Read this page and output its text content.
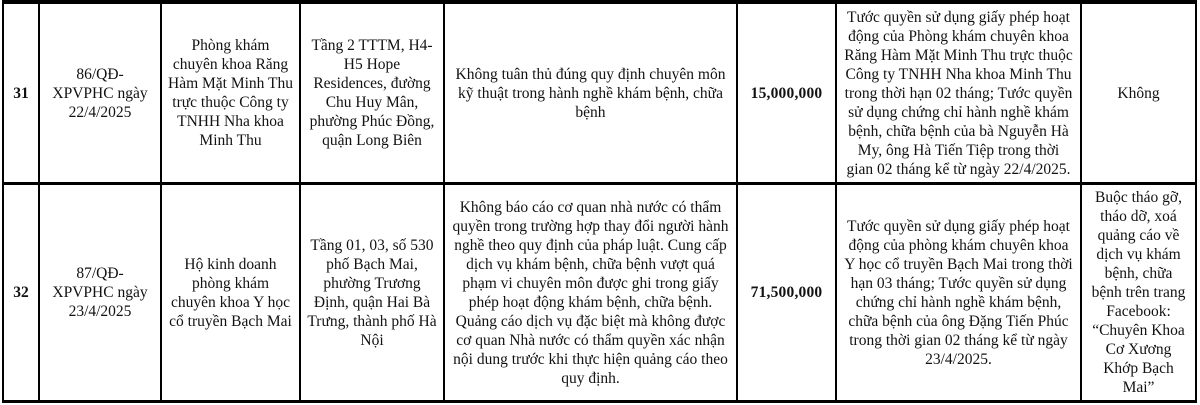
31	86/QĐ-XPVPHC ngày 22/4/2025	Phòng khám chuyên khoa Răng Hàm Mặt Minh Thu trực thuộc Công ty TNHH Nha khoa Minh Thu	Tầng 2 TTTM, H4-H5 Hope Residences, đường Chu Huy Mân, phường Phúc Đồng, quận Long Biên	Không tuân thủ đúng quy định chuyên môn kỹ thuật trong hành nghề khám bệnh, chữa bệnh	15,000,000	Tước quyền sử dụng giấy phép hoạt động của Phòng khám chuyên khoa Răng Hàm Mặt Minh Thu trực thuộc Công ty TNHH Nha khoa Minh Thu trong thời hạn 02 tháng; Tước quyền sử dụng chứng chỉ hành nghề khám bệnh, chữa bệnh của bà Nguyễn Hà My, ông Hà Tiến Tiệp trong thời gian 02 tháng kể từ ngày 22/4/2025.	Không
32	87/QĐ-XPVPHC ngày 23/4/2025	Hộ kinh doanh phòng khám chuyên khoa Y học cổ truyền Bạch Mai	Tầng 01, 03, số 530 phố Bạch Mai, phường Trương Định, quận Hai Bà Trưng, thành phố Hà Nội	Không báo cáo cơ quan nhà nước có thẩm quyền trong trường hợp thay đổi người hành nghề theo quy định của pháp luật. Cung cấp dịch vụ khám bệnh, chữa bệnh vượt quá phạm vi chuyên môn được ghi trong giấy phép hoạt động khám bệnh, chữa bệnh. Quảng cáo dịch vụ đặc biệt mà không được cơ quan Nhà nước có thẩm quyền xác nhận nội dung trước khi thực hiện quảng cáo theo quy định.	71,500,000	Tước quyền sử dụng giấy phép hoạt động của phòng khám chuyên khoa Y học cổ truyền Bạch Mai trong thời hạn 03 tháng; Tước quyền sử dụng chứng chỉ hành nghề khám bệnh, chữa bệnh của ông Đặng Tiến Phúc trong thời gian 02 tháng kể từ ngày 23/4/2025.	Buộc tháo gỡ, tháo dỡ, xoá quảng cáo về dịch vụ khám bệnh, chữa bệnh trên trang Facebook: “Chuyên Khoa Cơ Xương Khớp Bạch Mai”
